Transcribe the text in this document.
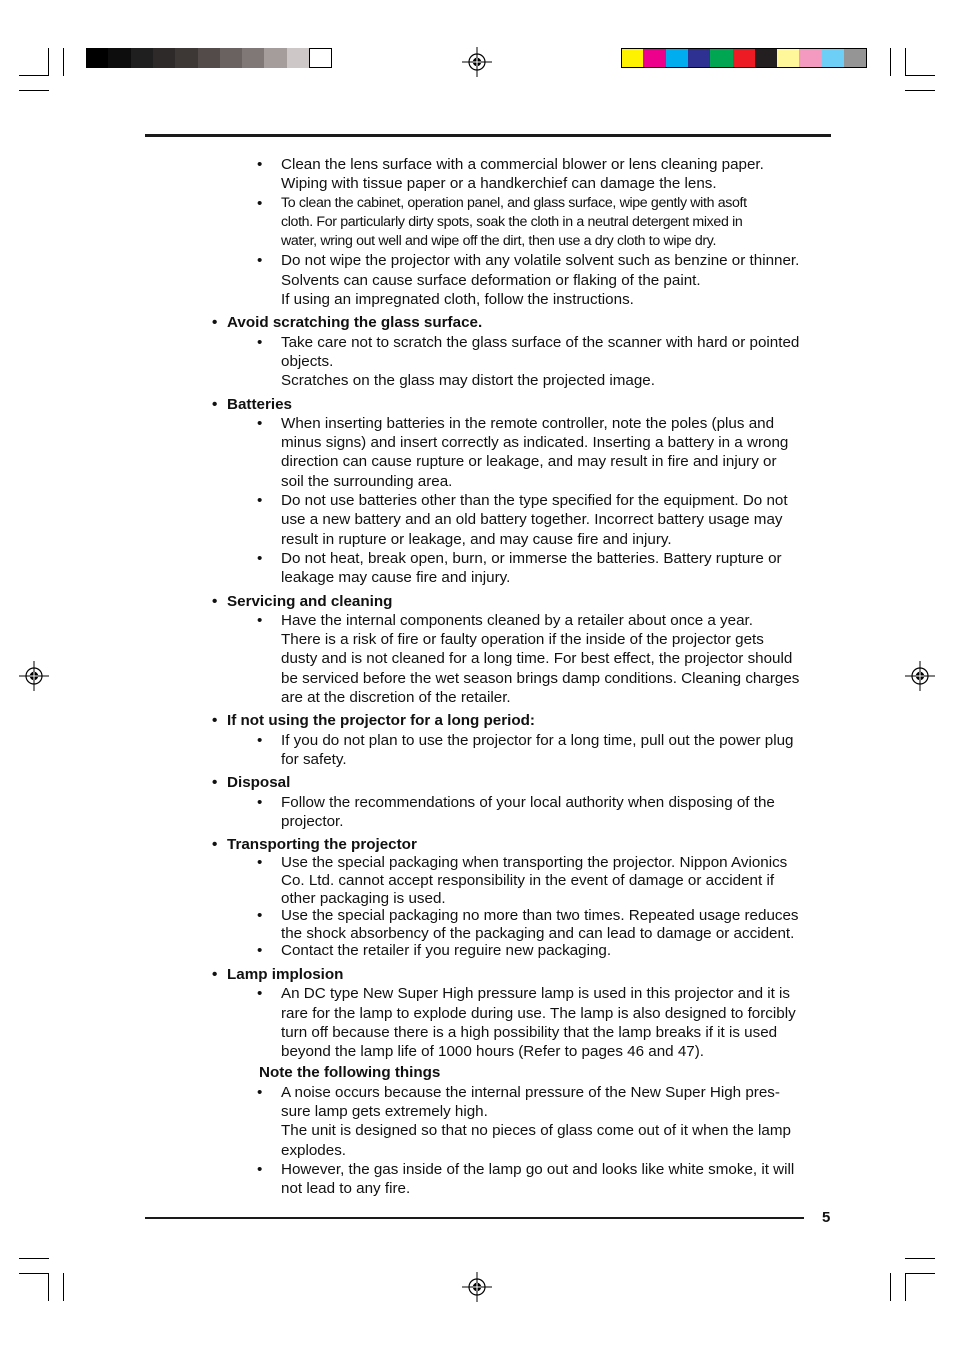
• Clean the lens surface with a commercial blower or lens cleaning paper.
Wiping with tissue paper or a handkerchief can damage the lens.
• To clean the cabinet, operation panel, and glass surface, wipe gently with asoft
cloth. For particularly dirty spots, soak the cloth in a neutral detergent mixed in
water, wring out well and wipe off the dirt, then use a dry cloth to wipe dry.
• Do not wipe the projector with any volatile solvent such as benzine or thinner.
Solvents can cause surface deformation or flaking of the paint.
If using an impregnated cloth, follow the instructions.
• Avoid scratching the glass surface.
• Take care not to scratch the glass surface of the scanner with hard or pointed
objects.
Scratches on the glass may distort the projected image.
• Batteries
• When inserting batteries in the remote controller, note the poles (plus and
minus signs) and insert correctly as indicated. Inserting a battery in a wrong
direction can cause rupture or leakage, and may result in fire and injury or
soil the surrounding area.
• Do not use batteries other than the type specified for the equipment. Do not
use a new battery and an old battery together. Incorrect battery usage may
result in rupture or leakage, and may cause fire and injury.
• Do not heat, break open, burn, or immerse the batteries. Battery rupture or
leakage may cause fire and injury.
• Servicing and cleaning
• Have the internal components cleaned by a retailer about once a year.
There is a risk of fire or faulty operation if the inside of the projector gets
dusty and is not cleaned for a long time. For best effect, the projector should
be serviced before the wet season brings damp conditions. Cleaning charges
are at the discretion of the retailer.
• If not using the projector for a long period:
• If you do not plan to use the projector for a long time, pull out the power plug
for safety.
• Disposal
• Follow the recommendations of your local authority when disposing of the
projector.
• Transporting the projector
• Use the special packaging when transporting the projector. Nippon Avionics
Co. Ltd. cannot accept responsibility in the event of damage or accident if
other packaging is used.
• Use the special packaging no more than two times. Repeated usage reduces
the shock absorbency of the packaging and can lead to damage or accident.
• Contact the retailer if you reguire new packaging.
• Lamp implosion
• An DC type New Super High pressure lamp is used in this projector and it is
rare for the lamp to explode during use. The lamp is also designed to forcibly
turn off because there is a high possibility that the lamp breaks if it is used
beyond the lamp life of 1000 hours (Refer to pages 46 and 47).
Note the following things
• A noise occurs because the internal pressure of the New Super High pres-
sure lamp gets extremely high.
The unit is designed so that no pieces of glass come out of it when the lamp
explodes.
• However, the gas inside of the lamp go out and looks like white smoke, it will
not lead to any fire.
5
